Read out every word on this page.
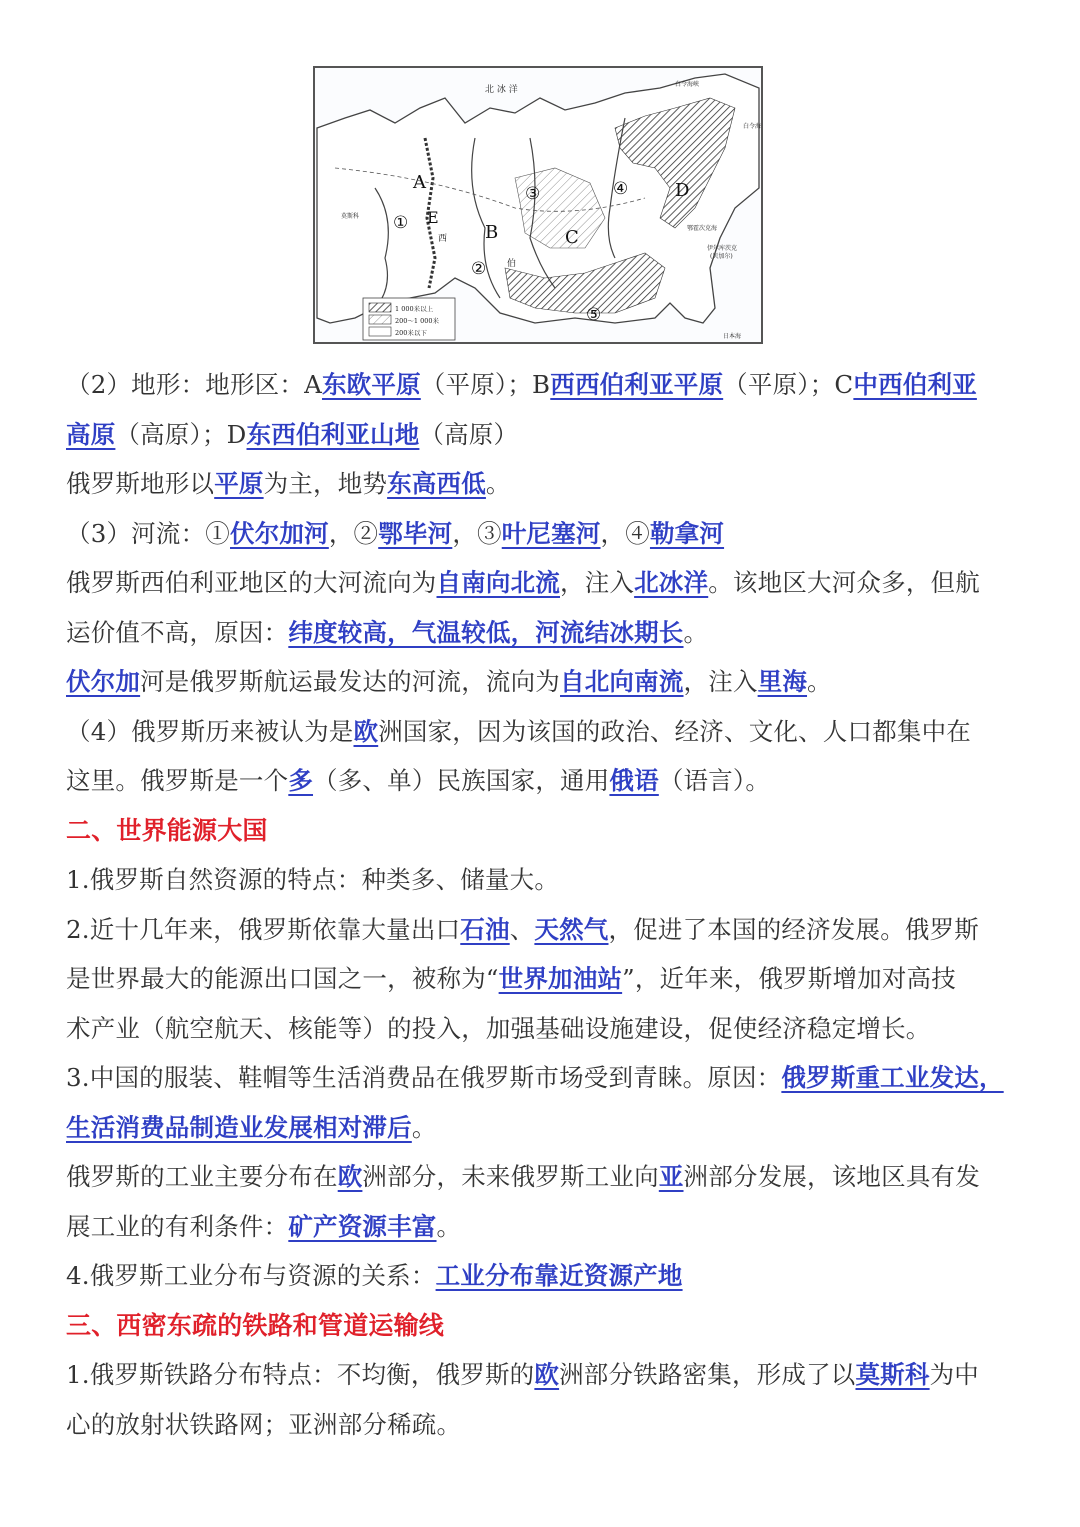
北 冰 洋
白令海峡
白令海
鄂霍次克海
伊尔库茨克
(贝加尔)
日本海
莫斯科
西
伯
A
B	C
D
E
①
②
③	④
⑤
1 000米以上
200～1 000米
200米以下
（2）地形：地形区：A东欧平原（平原）；B西西伯利亚平原（平原）；C中西伯利亚
高原（高原）；D东西伯利亚山地（高原）
俄罗斯地形以平原为主，地势东高西低。
（3）河流：①伏尔加河，②鄂毕河，③叶尼塞河，④勒拿河
俄罗斯西伯利亚地区的大河流向为自南向北流，注入北冰洋。该地区大河众多，但航
运价值不高，原因：纬度较高，气温较低，河流结冰期长。
伏尔加河是俄罗斯航运最发达的河流，流向为自北向南流，注入里海。
（4）俄罗斯历来被认为是欧洲国家，因为该国的政治、经济、文化、人口都集中在
这里。俄罗斯是一个多（多、单）民族国家，通用俄语（语言）。
二、世界能源大国
1.俄罗斯自然资源的特点：种类多、储量大。
2.近十几年来，俄罗斯依靠大量出口石油、天然气，促进了本国的经济发展。俄罗斯
是世界最大的能源出口国之一，被称为“世界加油站”，近年来，俄罗斯增加对高技
术产业（航空航天、核能等）的投入，加强基础设施建设，促使经济稳定增长。
3.中国的服装、鞋帽等生活消费品在俄罗斯市场受到青睐。原因：俄罗斯重工业发达，
生活消费品制造业发展相对滞后。
俄罗斯的工业主要分布在欧洲部分，未来俄罗斯工业向亚洲部分发展，该地区具有发
展工业的有利条件：矿产资源丰富。
4.俄罗斯工业分布与资源的关系：工业分布靠近资源产地
三、西密东疏的铁路和管道运输线
1.俄罗斯铁路分布特点：不均衡，俄罗斯的欧洲部分铁路密集，形成了以莫斯科为中
心的放射状铁路网；亚洲部分稀疏。
